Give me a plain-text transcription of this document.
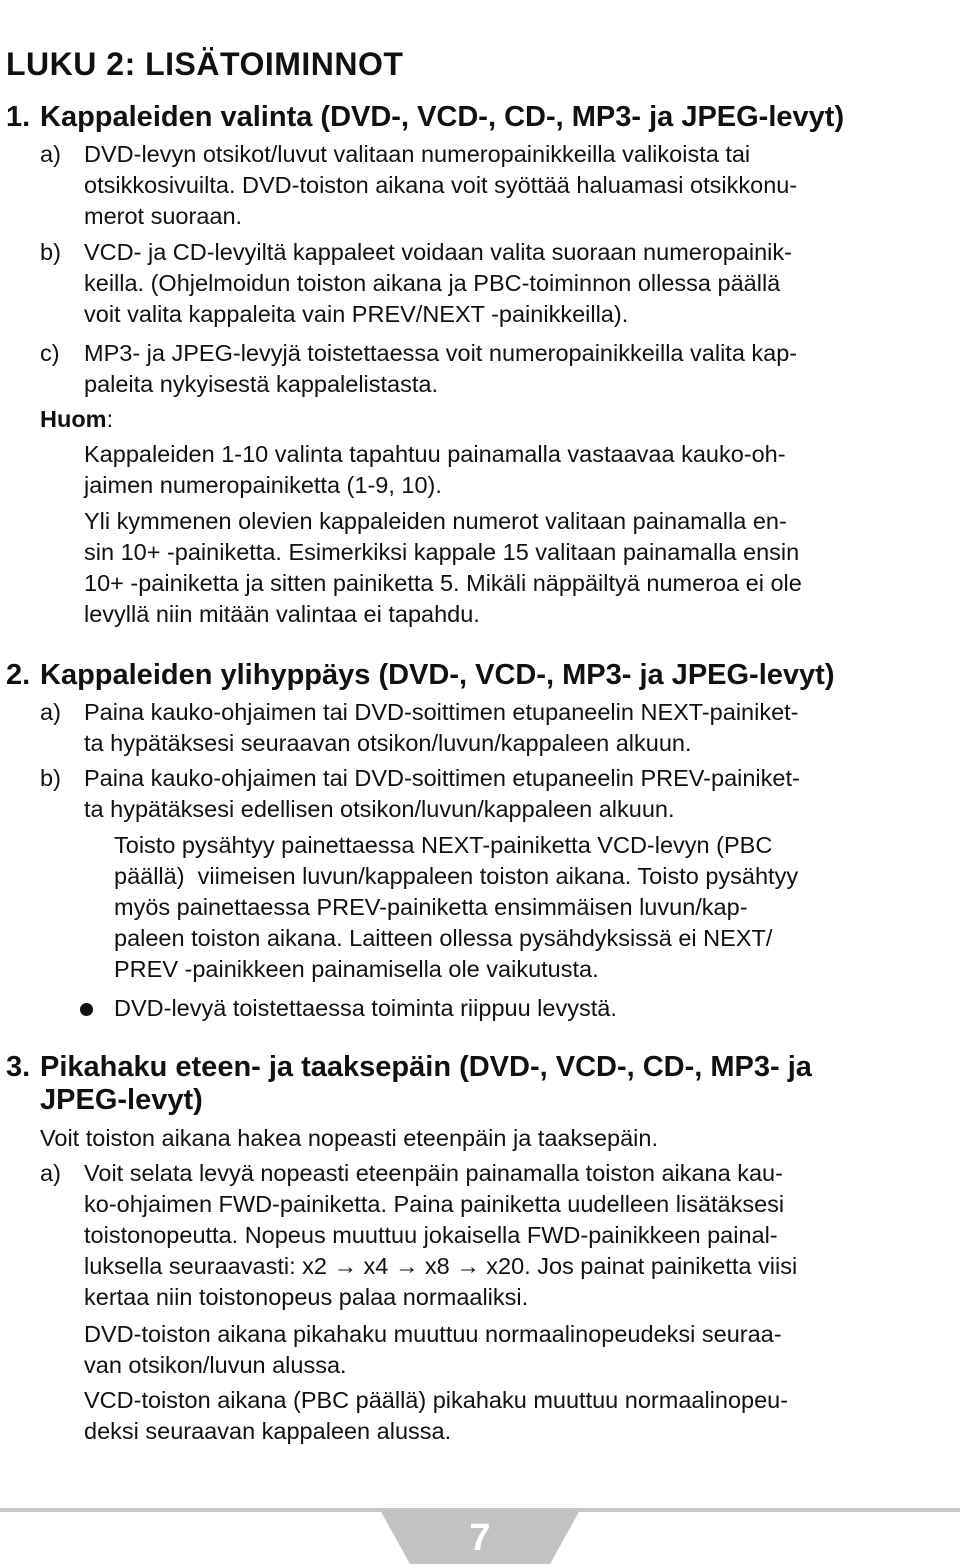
LUKU 2: LISÄTOIMINNOT
1. Kappaleiden valinta (DVD-, VCD-, CD-, MP3- ja JPEG-levyt)
a) DVD-levyn otsikot/luvut valitaan numeropainikkeilla valikoista tai
otsikkosivuilta. DVD-toiston aikana voit syöttää haluamasi otsikkonu-
merot suoraan.
b) VCD- ja CD-levyiltä kappaleet voidaan valita suoraan numeropainik-
keilla. (Ohjelmoidun toiston aikana ja PBC-toiminnon ollessa päällä
voit valita kappaleita vain PREV/NEXT -painikkeilla).
c) MP3- ja JPEG-levyjä toistettaessa voit numeropainikkeilla valita kap-
paleita nykyisestä kappalelistasta.
Huom:
Kappaleiden 1-10 valinta tapahtuu painamalla vastaavaa kauko-oh-
jaimen numeropainiketta (1-9, 10).
Yli kymmenen olevien kappaleiden numerot valitaan painamalla en-
sin 10+ -painiketta. Esimerkiksi kappale 15 valitaan painamalla ensin
10+ -painiketta ja sitten painiketta 5. Mikäli näppäiltyä numeroa ei ole
levyllä niin mitään valintaa ei tapahdu.
2. Kappaleiden ylihyppäys (DVD-, VCD-, MP3- ja JPEG-levyt)
a) Paina kauko-ohjaimen tai DVD-soittimen etupaneelin NEXT-painiket-
ta hypätäksesi seuraavan otsikon/luvun/kappaleen alkuun.
b) Paina kauko-ohjaimen tai DVD-soittimen etupaneelin PREV-painiket-
ta hypätäksesi edellisen otsikon/luvun/kappaleen alkuun.
Toisto pysähtyy painettaessa NEXT-painiketta VCD-levyn (PBC
päällä)  viimeisen luvun/kappaleen toiston aikana. Toisto pysähtyy
myös painettaessa PREV-painiketta ensimmäisen luvun/kap-
paleen toiston aikana. Laitteen ollessa pysähdyksissä ei NEXT/
PREV -painikkeen painamisella ole vaikutusta.
DVD-levyä toistettaessa toiminta riippuu levystä.
3. Pikahaku eteen- ja taaksepäin (DVD-, VCD-, CD-, MP3- ja
JPEG-levyt)
Voit toiston aikana hakea nopeasti eteenpäin ja taaksepäin.
a) Voit selata levyä nopeasti eteenpäin painamalla toiston aikana kau-
ko-ohjaimen FWD-painiketta. Paina painiketta uudelleen lisätäksesi
toistonopeutta. Nopeus muuttuu jokaisella FWD-painikkeen painal-
luksella seuraavasti: x2 → x4 → x8 → x20. Jos painat painiketta viisi
kertaa niin toistonopeus palaa normaaliksi.
DVD-toiston aikana pikahaku muuttuu normaalinopeudeksi seuraa-
van otsikon/luvun alussa.
VCD-toiston aikana (PBC päällä) pikahaku muuttuu normaalinopeu-
deksi seuraavan kappaleen alussa.
7
